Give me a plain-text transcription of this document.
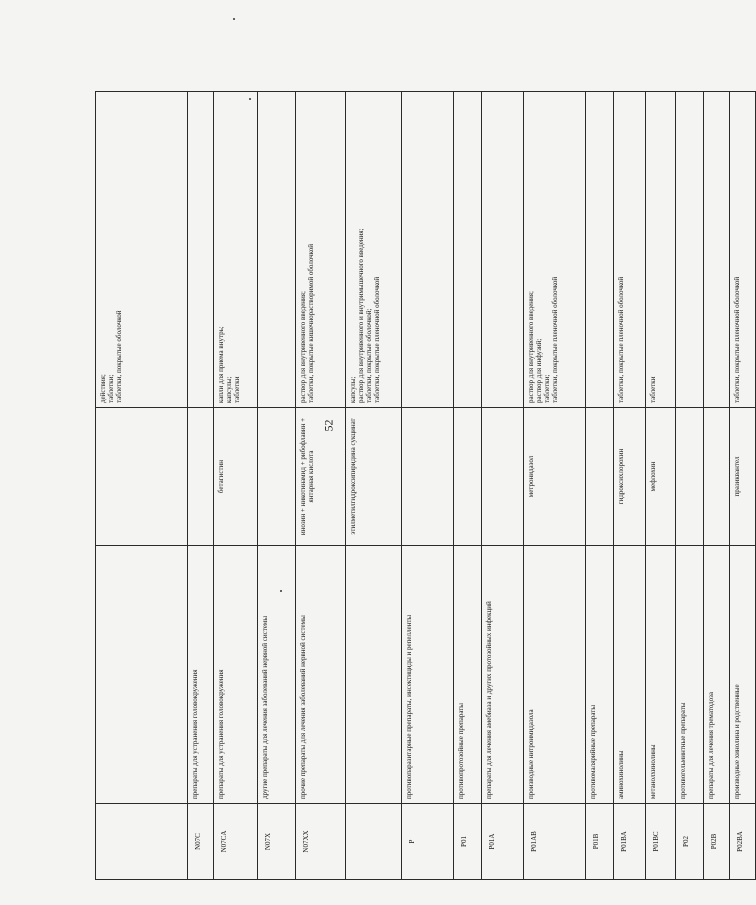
52

			действия; таблетки; таблетки, покрытые оболочкой

N07C	препараты для устранения головокружения		
N07CA	препараты для устранения головокружения	бетагистин	капли для приема внутрь; капсулы; таблетки

N07X	другие препараты для лечения заболеваний нервной системы		
N07XX	прочие препараты для лечения заболеваний нервной системы	инозин + никотинамид + рибофлавин + янтарная кислота	раствор для внутривенного введения; таблетки, покрытые кишечнорастворимой оболочкой

		этилметилгидроксипиридина сукцинат	капсулы; раствор для внутривенного и внутримышечного введения; таблетки, покрытые оболочкой; таблетки, покрытые пленочной оболочкой

P	противопаразитарные препараты, инсектициды и репелленты		
P01	противопротозойные препараты		
P01A	препараты для лечения амебиаза и других протозойных инфекций		
P01AB	производные нитроимидазола	метронидазол	раствор для внутривенного введения; раствор для инфузий; таблетки; таблетки, покрытые пленочной оболочкой

P01B	противомалярийные препараты		
P01BA	аминохинолины	гидроксихлорохин	таблетки, покрытые пленочной оболочкой

P01BC	метанолхинолины	мефлохин	таблетки

P02	противогельминтные препараты		
P02B	препараты для лечения трематодоза		
P02BA	производные хинолина и родственные	празиквантел	таблетки, покрытые пленочной оболочкой
